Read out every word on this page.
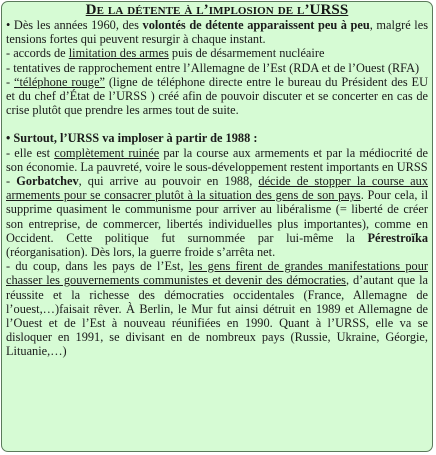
De la détente à l’implosion de l’URSS

• Dès les années 1960, des volontés de détente apparaissent peu à peu, malgré les tensions fortes qui peuvent resurgir à chaque instant.

- accords de limitation des armes puis de désarmement nucléaire

- tentatives de rapprochement entre l’Allemagne de l’Est (RDA et de l’Ouest (RFA)

- “téléphone rouge” (ligne de téléphone directe entre le bureau du Président des EU et du chef d’État de l’URSS ) créé afin de pouvoir discuter et se concerter en cas de crise plutôt que prendre les armes tout de suite.

• Surtout, l’URSS va imploser à partir de 1988 :

- elle est complètement ruinée par la course aux armements et par la médiocrité de son économie. La pauvreté, voire le sous-développement restent importants en URSS

- Gorbatchev, qui arrive au pouvoir en 1988, décide de stopper la course aux armements pour se consacrer plutôt à la situation des gens de son pays. Pour cela, il supprime quasiment le communisme pour arriver au libéralisme (= liberté de créer son entreprise, de commercer, libertés individuelles plus importantes), comme en Occident. Cette politique fut surnommée par lui-même la Pérestroïka (réorganisation). Dès lors, la guerre froide s’arrêta net.

- du coup, dans les pays de l’Est, les gens firent de grandes manifestations pour chasser les gouvernements communistes et devenir des démocraties, d’autant que la réussite et la richesse des démocraties occidentales (France, Allemagne de l’ouest,…)faisait rêver. À Berlin, le Mur fut ainsi détruit en 1989 et Allemagne de l’Ouest et de l’Est à nouveau réunifiées en 1990. Quant à l’URSS, elle va se disloquer en 1991, se divisant en de nombreux pays (Russie, Ukraine, Géorgie, Lituanie,…)
